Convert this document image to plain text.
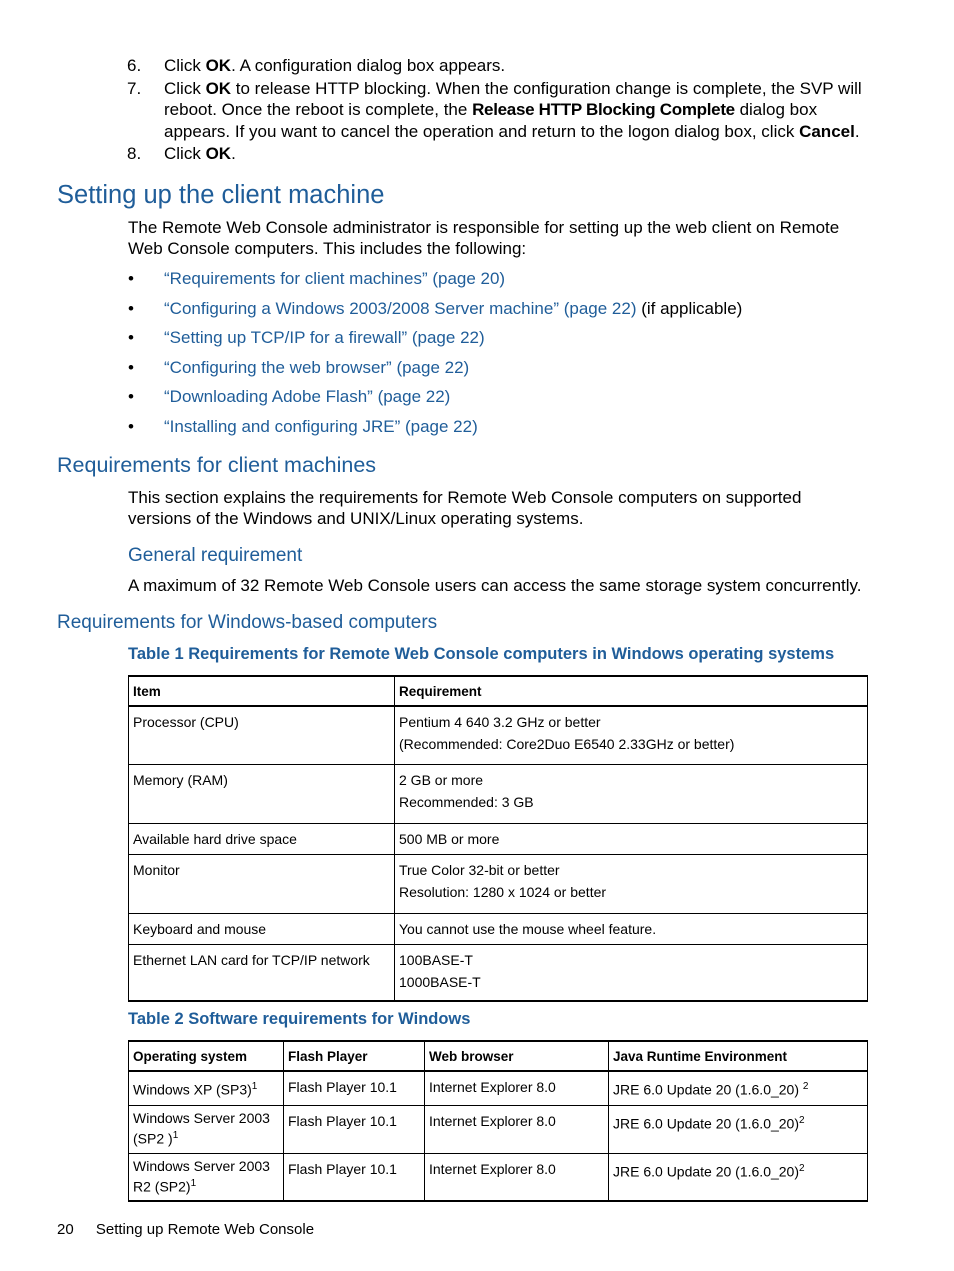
6. Click OK. A configuration dialog box appears.
7. Click OK to release HTTP blocking. When the configuration change is complete, the SVP will reboot. Once the reboot is complete, the Release HTTP Blocking Complete dialog box appears. If you want to cancel the operation and return to the logon dialog box, click Cancel.
8. Click OK.
Setting up the client machine
The Remote Web Console administrator is responsible for setting up the web client on Remote Web Console computers. This includes the following:
• “Requirements for client machines” (page 20)
• “Configuring a Windows 2003/2008 Server machine” (page 22) (if applicable)
• “Setting up TCP/IP for a firewall” (page 22)
• “Configuring the web browser” (page 22)
• “Downloading Adobe Flash” (page 22)
• “Installing and configuring JRE” (page 22)
Requirements for client machines
This section explains the requirements for Remote Web Console computers on supported versions of the Windows and UNIX/Linux operating systems.
General requirement
A maximum of 32 Remote Web Console users can access the same storage system concurrently.
Requirements for Windows-based computers
Table 1 Requirements for Remote Web Console computers in Windows operating systems
Item	Requirement
Processor (CPU)	Pentium 4 640 3.2 GHz or better
(Recommended: Core2Duo E6540 2.33GHz or better)

Memory (RAM)	2 GB or more
Recommended: 3 GB

Available hard drive space	500 MB or more

Monitor	True Color 32-bit or better
Resolution: 1280 x 1024 or better

Keyboard and mouse	You cannot use the mouse wheel feature.

Ethernet LAN card for TCP/IP network	100BASE-T
1000BASE-T
Table 2 Software requirements for Windows
Operating system	Flash Player	Web browser	Java Runtime Environment
Windows XP $(SP3)^1$	Flash Player 10.1	Internet Explorer 8.0	JRE 6.0 Update 20 (1.6.0_20) $^2$
Windows Server 2003 (SP2 )$^1$	Flash Player 10.1	Internet Explorer 8.0	JRE 6.0 Update 20 (1.6.0_20)$^2$
Windows Server 2003 R2 $(SP2)^1$	Flash Player 10.1	Internet Explorer 8.0	JRE 6.0 Update 20 (1.6.0_20)$^2$
20 Setting up Remote Web Console
